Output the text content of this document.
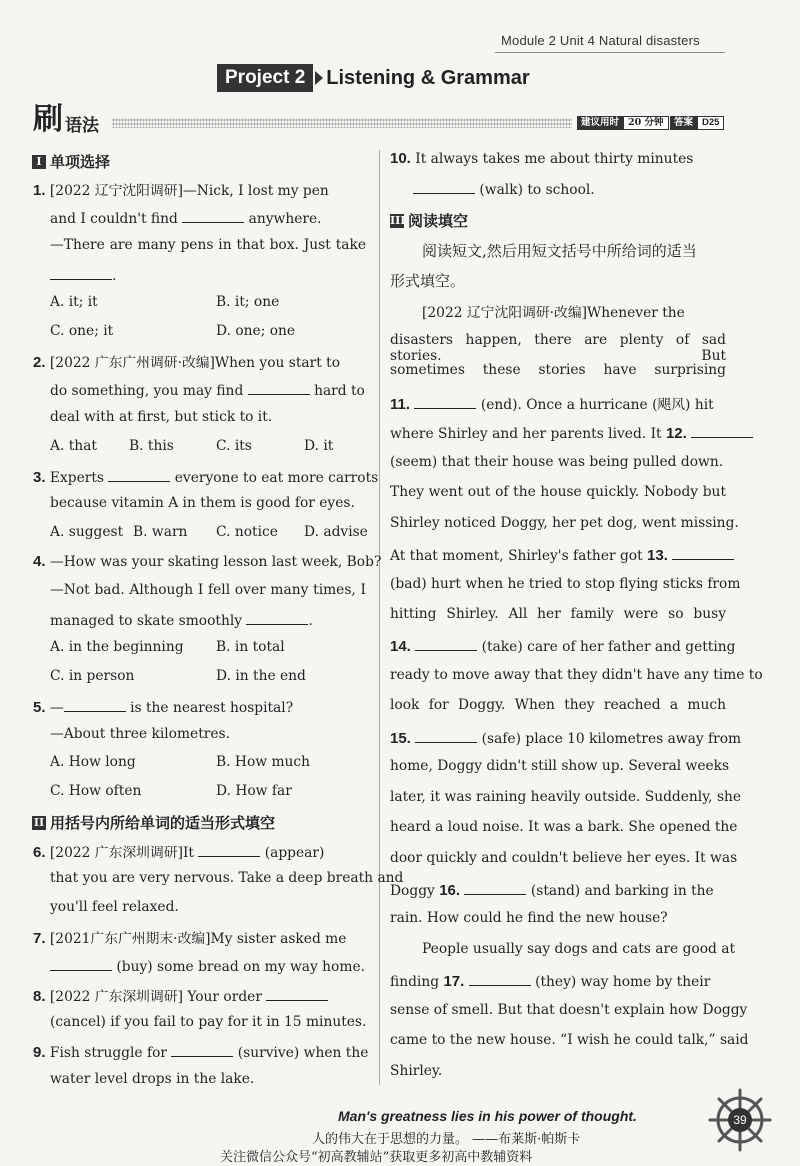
Module 2 Unit 4 Natural disasters
Project 2	Listening & Grammar
刷 语法	建议用时 20 分钟	答案 D25
I 单项选择
1. [2022 辽宁沈阳调研]—Nick, I lost my pen
and I couldn't find	anywhere.
—There are many pens in that box. Just take
.
A. it; it	B. it; one
C. one; it	D. one; one
2. [2022 广东广州调研·改编]When you start to
do something, you may find	hard to
deal with at first, but stick to it.
A. that B. this	C. its	D. it
3. Experts	everyone to eat more carrots
because vitamin A in them is good for eyes.
A. suggest B. warn C. notice D. advise
4. —How was your skating lesson last week, Bob?
—Not bad. Although I fell over many times, I
managed to skate smoothly	.
A. in the beginning B. in total
C. in person	D. in the end
5. —	is the nearest hospital?
—About three kilometres.
A. How long	B. How much
C. How often	D. How far
II 用括号内所给单词的适当形式填空
6. [2022 广东深圳调研]It	(appear)
that you are very nervous. Take a deep breath and
you'll feel relaxed.
7. [2021广东广州期末·改编]My sister asked me
(buy) some bread on my way home.
8. [2022 广东深圳调研] Your order
(cancel) if you fail to pay for it in 15 minutes.
9. Fish struggle for	(survive) when the
water level drops in the lake.
10. It always takes me about thirty minutes
(walk) to school.
III 阅读填空
阅读短文,然后用短文括号中所给词的适当
形式填空。
[2022 辽宁沈阳调研·改编]Whenever the
disasters happen, there are plenty of sad stories. But
sometimes these stories have surprising
11.	(end). Once a hurricane (飓风) hit
where Shirley and her parents lived. It 12.
(seem) that their house was being pulled down.
They went out of the house quickly. Nobody but
Shirley noticed Doggy, her pet dog, went missing.
At that moment, Shirley's father got 13.
(bad) hurt when he tried to stop flying sticks from
hitting Shirley. All her family were so busy
14.	(take) care of her father and getting
ready to move away that they didn't have any time to
look for Doggy. When they reached a much
15.	(safe) place 10 kilometres away from
home, Doggy didn't still show up. Several weeks
later, it was raining heavily outside. Suddenly, she
heard a loud noise. It was a bark. She opened the
door quickly and couldn't believe her eyes. It was
Doggy 16.	(stand) and barking in the
rain. How could he find the new house?
People usually say dogs and cats are good at
finding 17.	(they) way home by their
sense of smell. But that doesn't explain how Doggy
came to the new house. “I wish he could talk,” said
Shirley.
Man's greatness lies in his power of thought.
人的伟大在于思想的力量。 ——布莱斯·帕斯卡
关注微信公众号“初高教辅站”获取更多初高中教辅资料
39
